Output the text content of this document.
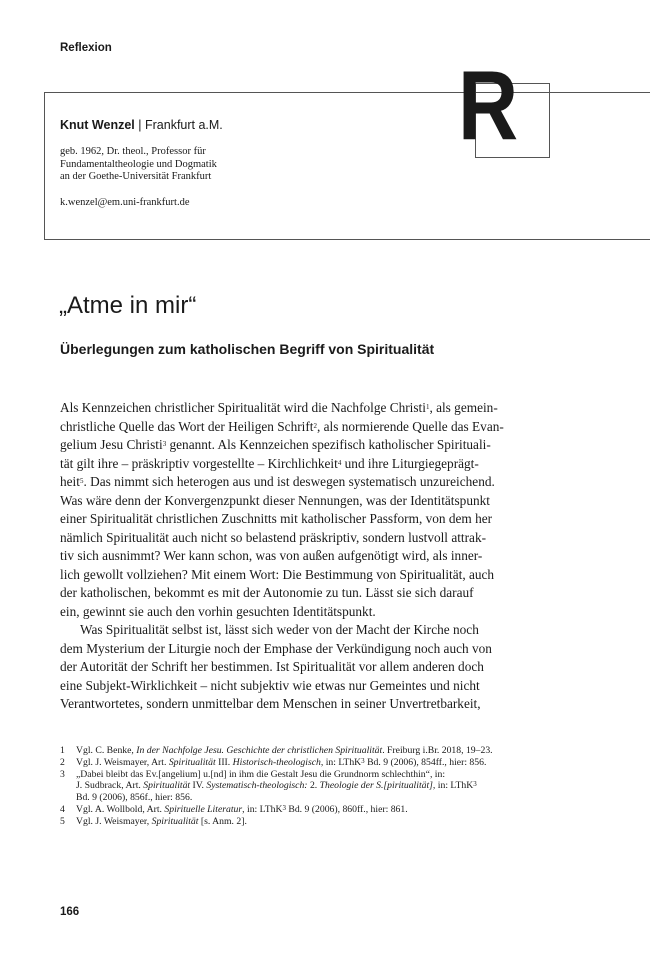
Reflexion
R
Knut Wenzel | Frankfurt a.M.
geb. 1962, Dr. theol., Professor für
Fundamentaltheologie und Dogmatik
an der Goethe-Universität Frankfurt
k.wenzel@em.uni-frankfurt.de
„Atme in mir“
Überlegungen zum katholischen Begriff von Spiritualität
Als Kennzeichen christlicher Spiritualität wird die Nachfolge Christi$^1$, als gemein-
christliche Quelle das Wort der Heiligen Schrift$^2$, als normierende Quelle das Evan-
gelium Jesu Christi$^3$ genannt. Als Kennzeichen spezifisch katholischer Spirituali-
tät gilt ihre – präskriptiv vorgestellte – Kirchlichkeit$^4$ und ihre Liturgiegeprägt-
heit$^5$. Das nimmt sich heterogen aus und ist deswegen systematisch unzureichend.
Was wäre denn der Konvergenzpunkt dieser Nennungen, was der Identitätspunkt
einer Spiritualität christlichen Zuschnitts mit katholischer Passform, von dem her
nämlich Spiritualität auch nicht so belastend präskriptiv, sondern lustvoll attrak-
tiv sich ausnimmt? Wer kann schon, was von außen aufgenötigt wird, als inner-
lich gewollt vollziehen? Mit einem Wort: Die Bestimmung von Spiritualität, auch
der katholischen, bekommt es mit der Autonomie zu tun. Lässt sie sich darauf
ein, gewinnt sie auch den vorhin gesuchten Identitätspunkt.
Was Spiritualität selbst ist, lässt sich weder von der Macht der Kirche noch
dem Mysterium der Liturgie noch der Emphase der Verkündigung noch auch von
der Autorität der Schrift her bestimmen. Ist Spiritualität vor allem anderen doch
eine Subjekt-Wirklichkeit – nicht subjektiv wie etwas nur Gemeintes und nicht
Verantwortetes, sondern unmittelbar dem Menschen in seiner Unvertretbarkeit,
1	Vgl. C. Benke, In der Nachfolge Jesu. Geschichte der christlichen Spiritualität. Freiburg i.Br. 2018, 19–23.
2	Vgl. J. Weismayer, Art. Spiritualität III. Historisch-theologisch, in: LThK$^3$ Bd. 9 (2006), 854ff., hier: 856.
3	„Dabei bleibt das Ev.[angelium] u.[nd] in ihm die Gestalt Jesu die Grundnorm schlechthin“, in:
J. Sudbrack, Art. Spiritualität IV. Systematisch-theologisch: 2. Theologie der S.[piritualität], in: LThK$^3$
Bd. 9 (2006), 856f., hier: 856.
4	Vgl. A. Wollbold, Art. Spirituelle Literatur, in: LThK$^3$ Bd. 9 (2006), 860ff., hier: 861.
5	Vgl. J. Weismayer, Spiritualität [s. Anm. 2].
166
